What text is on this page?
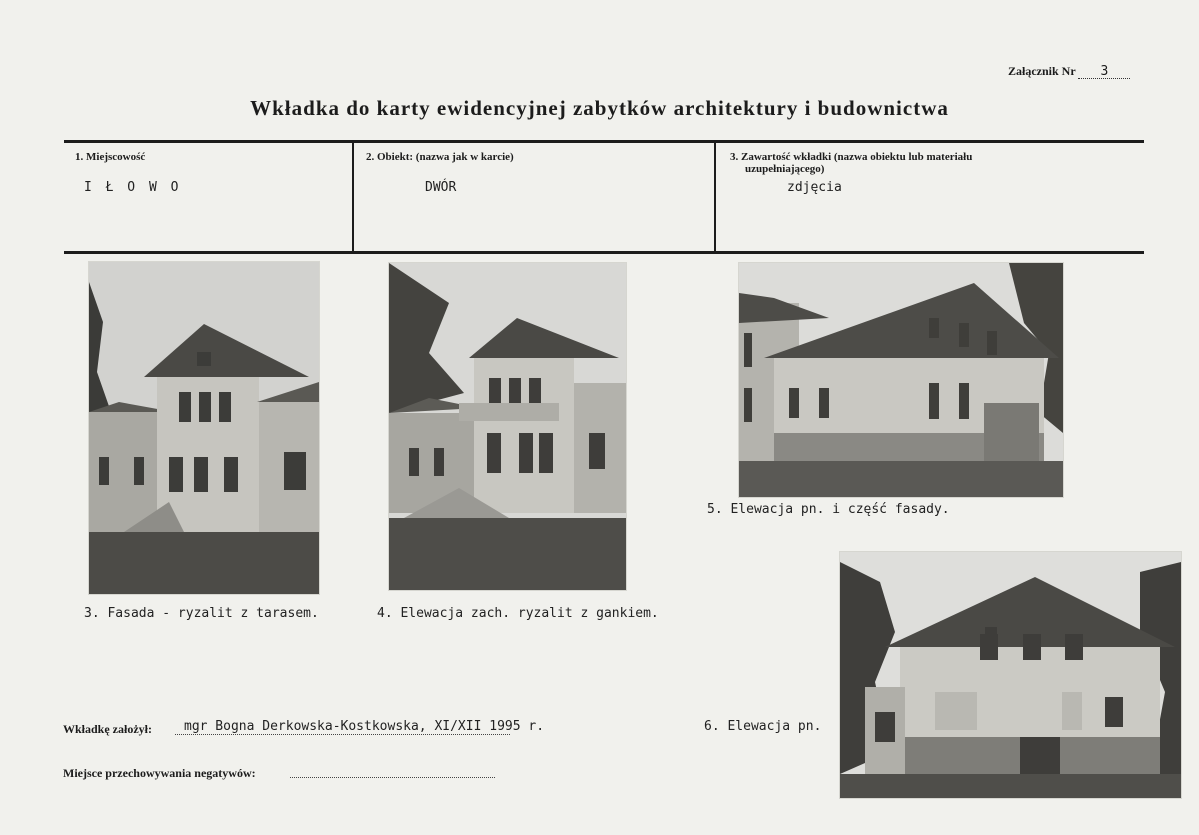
Załącznik Nr 3
Wkładka do karty ewidencyjnej zabytków architektury i budownictwa
1. Miejscowość
I Ł O W O
2. Obiekt: (nazwa jak w karcie)
DWÓR
3. Zawartość wkładki (nazwa obiektu lub materiału
uzupełniającego)
zdjęcia
3. Fasada - ryzalit z tarasem.	4. Elewacja zach. ryzalit z gankiem.
5. Elewacja pn. i część fasady.
6. Elewacja pn.
Wkładkę założył: mgr Bogna Derkowska-Kostkowska, XI/XII 1995 r.
Miejsce przechowywania negatywów:
